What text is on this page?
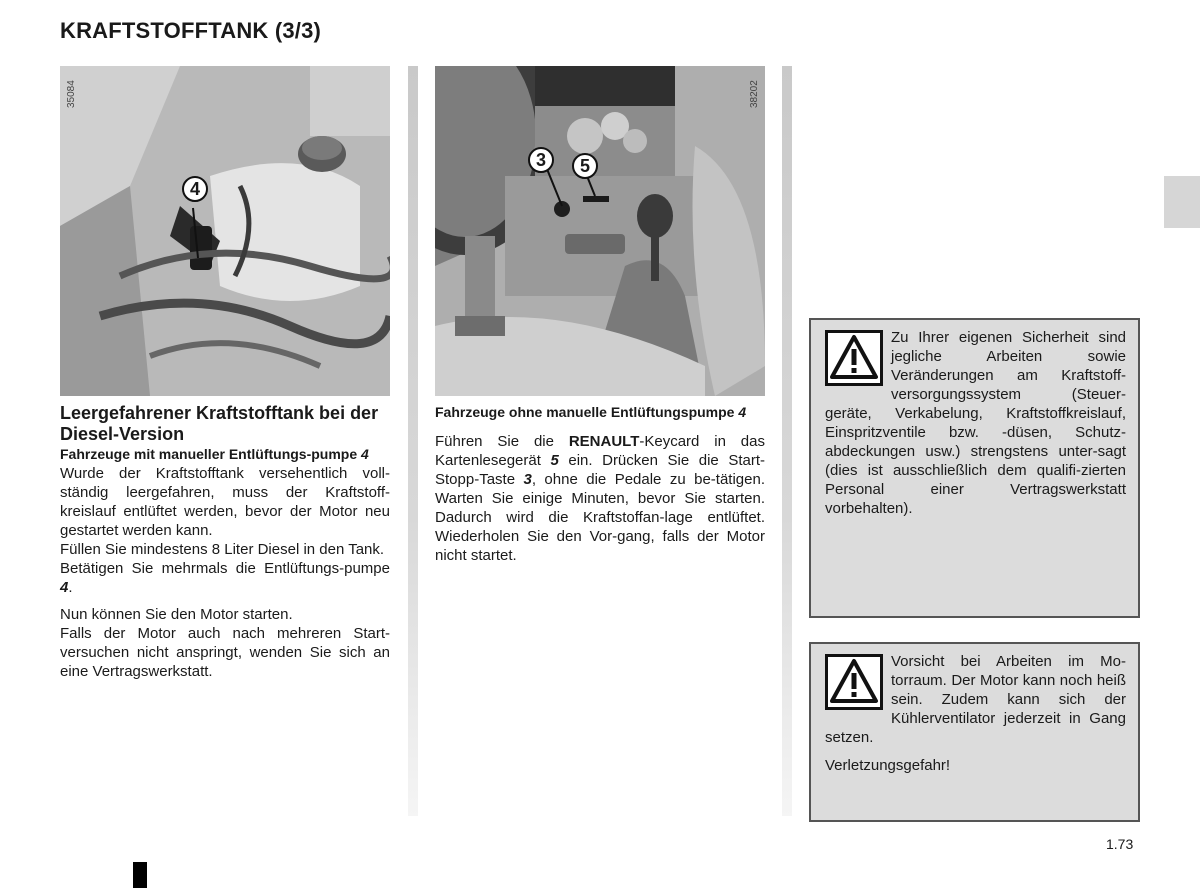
KRAFTSTOFFTANK (3/3)
4
35084
3	5
38202

Leergefahrener Kraftstofftank bei der Diesel-Version

Fahrzeuge mit manueller Entlüftungs-pumpe 4

Wurde der Kraftstofftank versehentlich voll-ständig leergefahren, muss der Kraftstoff-kreislauf entlüftet werden, bevor der Motor neu gestartet werden kann.

Füllen Sie mindestens 8 Liter Diesel in den Tank.

Betätigen Sie mehrmals die Entlüftungs-pumpe 4.

Nun können Sie den Motor starten.

Falls der Motor auch nach mehreren Start-versuchen nicht anspringt, wenden Sie sich an eine Vertragswerkstatt.

Fahrzeuge ohne manuelle Entlüftungspumpe 4

Führen Sie die RENAULT-Keycard in das Kartenlesegerät 5 ein. Drücken Sie die Start-Stopp-Taste 3, ohne die Pedale zu be-tätigen. Warten Sie einige Minuten, bevor Sie starten. Dadurch wird die Kraftstoffan-lage entlüftet. Wiederholen Sie den Vor-gang, falls der Motor nicht startet.

Zu Ihrer eigenen Sicherheit sind jegliche Arbeiten sowie Veränderungen am Kraftstoff-versorgungssystem (Steuer-geräte, Verkabelung, Kraftstoffkreislauf, Einspritzventile bzw. -düsen, Schutz-abdeckungen usw.) strengstens unter-sagt (dies ist ausschließlich dem qualifi-zierten Personal einer Vertragswerkstatt vorbehalten).

Vorsicht bei Arbeiten im Mo-torraum. Der Motor kann noch heiß sein. Zudem kann sich der Kühlerventilator jederzeit in Gang setzen.

Verletzungsgefahr!

1.73
